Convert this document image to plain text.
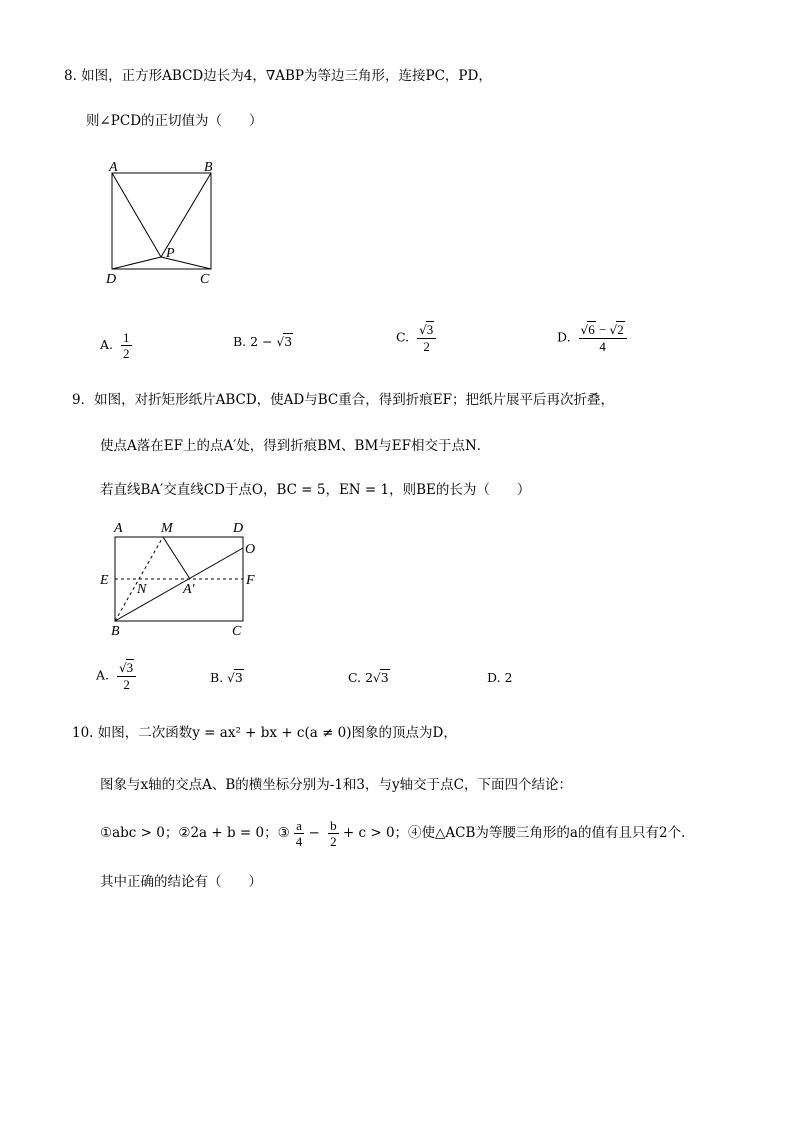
8. 如图，正方形ABCD边长为4，∇ABP为等边三角形，连接PC，PD，
则∠PCD的正切值为（　　）
A	B
P
D	C
A. $\frac{1}{2}$	B. 2 − √3	C. $\frac{√3}{2}$	D. $\frac{√6 - √2}{4}$
9．如图，对折矩形纸片ABCD，使AD与BC重合，得到折痕EF；把纸片展平后再次折叠，
使点A落在EF上的点A′处，得到折痕BM、BM与EF相交于点N．
若直线BA′交直线CD于点O，BC = 5，EN = 1，则BE的长为（　　）
A	M	D
O
E
N	A′
F
B	C
A. $\frac{√3}{2}$	B. √3	C. 2√3	D. 2
10. 如图，二次函数y = ax² + bx + c(a ≠ 0)图象的顶点为D，
图象与x轴的交点A、B的横坐标分别为-1和3，与y轴交于点C，下面四个结论：
①abc > 0；②2a + b = 0；③ $\frac{a}{4} - \frac{b}{2} + c > 0$；④使△ACB为等腰三角形的a的值有且只有2个．
其中正确的结论有（　　）
